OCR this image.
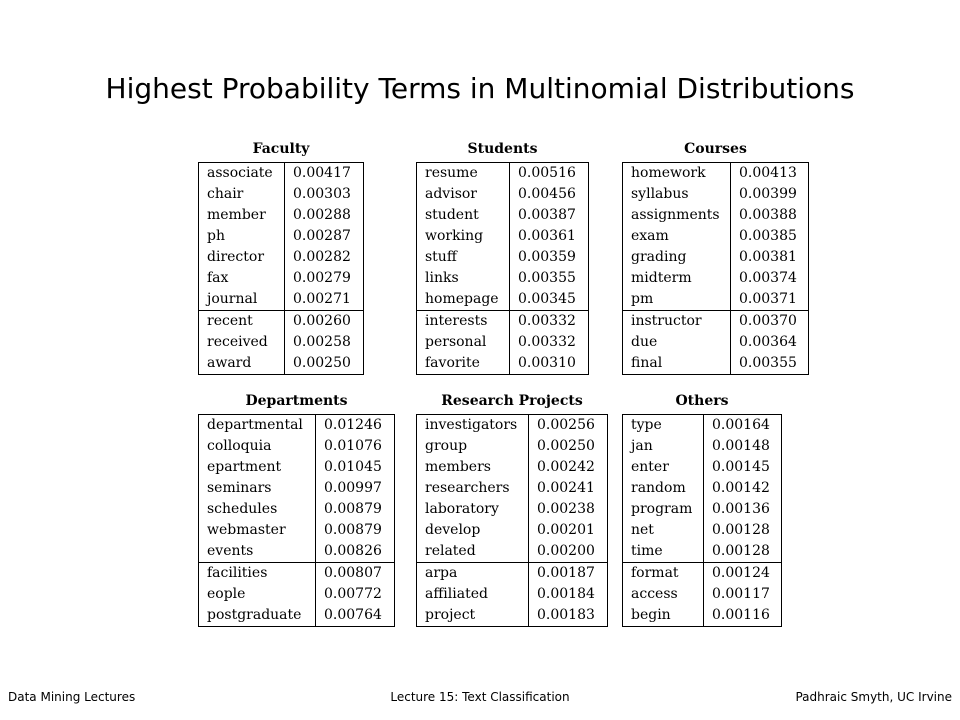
Highest Probability Terms in Multinomial Distributions
Faculty
associate	0.00417
chair	0.00303
member	0.00288
ph	0.00287
director	0.00282
fax	0.00279
journal	0.00271
recent	0.00260
received	0.00258
award	0.00250
Students
resume	0.00516
advisor	0.00456
student	0.00387
working	0.00361
stuff	0.00359
links	0.00355
homepage	0.00345
interests	0.00332
personal	0.00332
favorite	0.00310
Courses
homework	0.00413
syllabus	0.00399
assignments	0.00388
exam	0.00385
grading	0.00381
midterm	0.00374
pm	0.00371
instructor	0.00370
due	0.00364
final	0.00355
Departments
departmental	0.01246
colloquia	0.01076
epartment	0.01045
seminars	0.00997
schedules	0.00879
webmaster	0.00879
events	0.00826
facilities	0.00807
eople	0.00772
postgraduate	0.00764
Research Projects
investigators	0.00256
group	0.00250
members	0.00242
researchers	0.00241
laboratory	0.00238
develop	0.00201
related	0.00200
arpa	0.00187
affiliated	0.00184
project	0.00183
Others
type	0.00164
jan	0.00148
enter	0.00145
random	0.00142
program	0.00136
net	0.00128
time	0.00128
format	0.00124
access	0.00117
begin	0.00116
Data Mining Lectures	Lecture 15: Text Classification	Padhraic Smyth, UC Irvine
